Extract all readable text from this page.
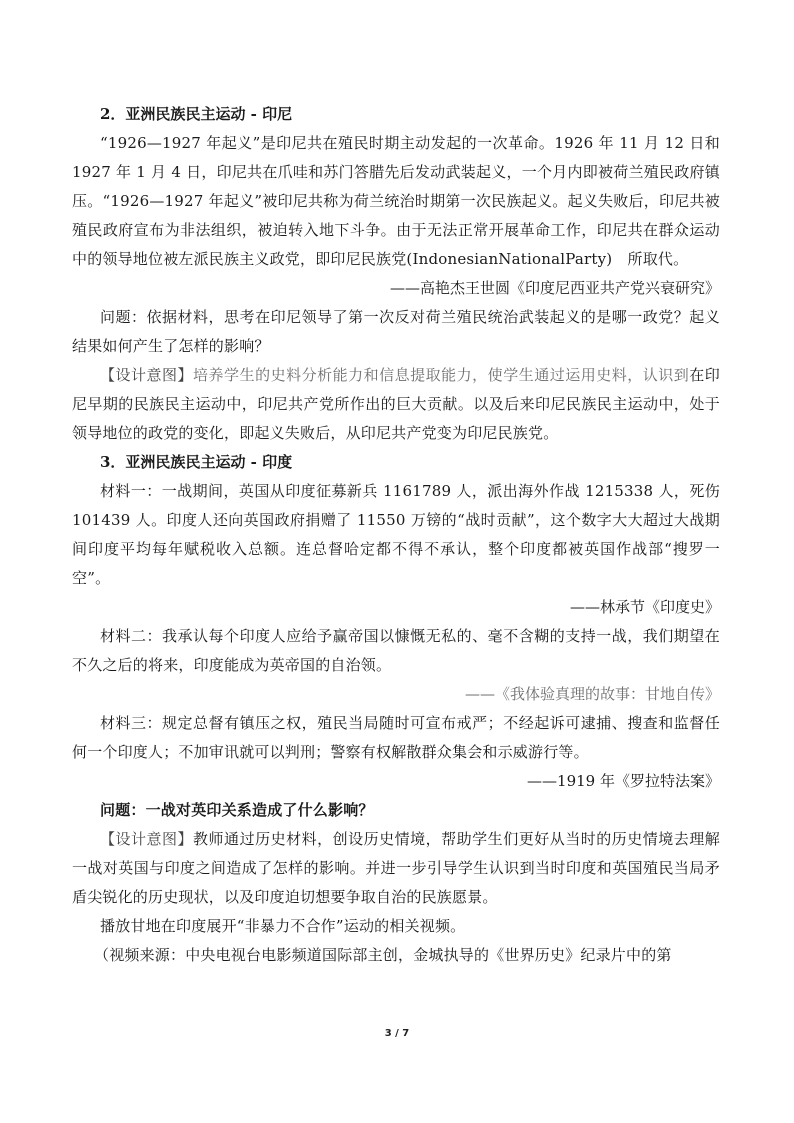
2．亚洲民族民主运动 - 印尼

“1926—1927 年起义”是印尼共在殖民时期主动发起的一次革命。1926 年 11 月 12 日和 1927 年 1 月 4 日，印尼共在爪哇和苏门答腊先后发动武装起义，一个月内即被荷兰殖民政府镇压。“1926—1927 年起义”被印尼共称为荷兰统治时期第一次民族起义。起义失败后，印尼共被殖民政府宣布为非法组织，被迫转入地下斗争。由于无法正常开展革命工作，印尼共在群众运动中的领导地位被左派民族主义政党，即印尼民族党(IndonesianNationalParty)　所取代。

——高艳杰王世圆《印度尼西亚共产党兴衰研究》

问题：依据材料，思考在印尼领导了第一次反对荷兰殖民统治武装起义的是哪一政党？起义结果如何产生了怎样的影响？

【设计意图】培养学生的史料分析能力和信息提取能力，使学生通过运用史料，认识到在印尼早期的民族民主运动中，印尼共产党所作出的巨大贡献。以及后来印尼民族民主运动中，处于领导地位的政党的变化，即起义失败后，从印尼共产党变为印尼民族党。

3．亚洲民族民主运动 - 印度

材料一：一战期间，英国从印度征募新兵 1161789 人，派出海外作战 1215338 人，死伤 101439 人。印度人还向英国政府捐赠了 11550 万镑的“战时贡献”，这个数字大大超过大战期间印度平均每年赋税收入总额。连总督哈定都不得不承认，整个印度都被英国作战部“搜罗一空”。

——林承节《印度史》

材料二：我承认每个印度人应给予赢帝国以慷慨无私的、毫不含糊的支持一战，我们期望在不久之后的将来，印度能成为英帝国的自治领。

——《我体验真理的故事：甘地自传》

材料三：规定总督有镇压之权，殖民当局随时可宣布戒严；不经起诉可逮捕、搜查和监督任何一个印度人；不加审讯就可以判刑；警察有权解散群众集会和示威游行等。

——1919 年《罗拉特法案》

问题：一战对英印关系造成了什么影响？

【设计意图】教师通过历史材料，创设历史情境，帮助学生们更好从当时的历史情境去理解一战对英国与印度之间造成了怎样的影响。并进一步引导学生认识到当时印度和英国殖民当局矛盾尖锐化的历史现状，以及印度迫切想要争取自治的民族愿景。

播放甘地在印度展开“非暴力不合作”运动的相关视频。

（视频来源：中央电视台电影频道国际部主创，金城执导的《世界历史》纪录片中的第

3 / 7
